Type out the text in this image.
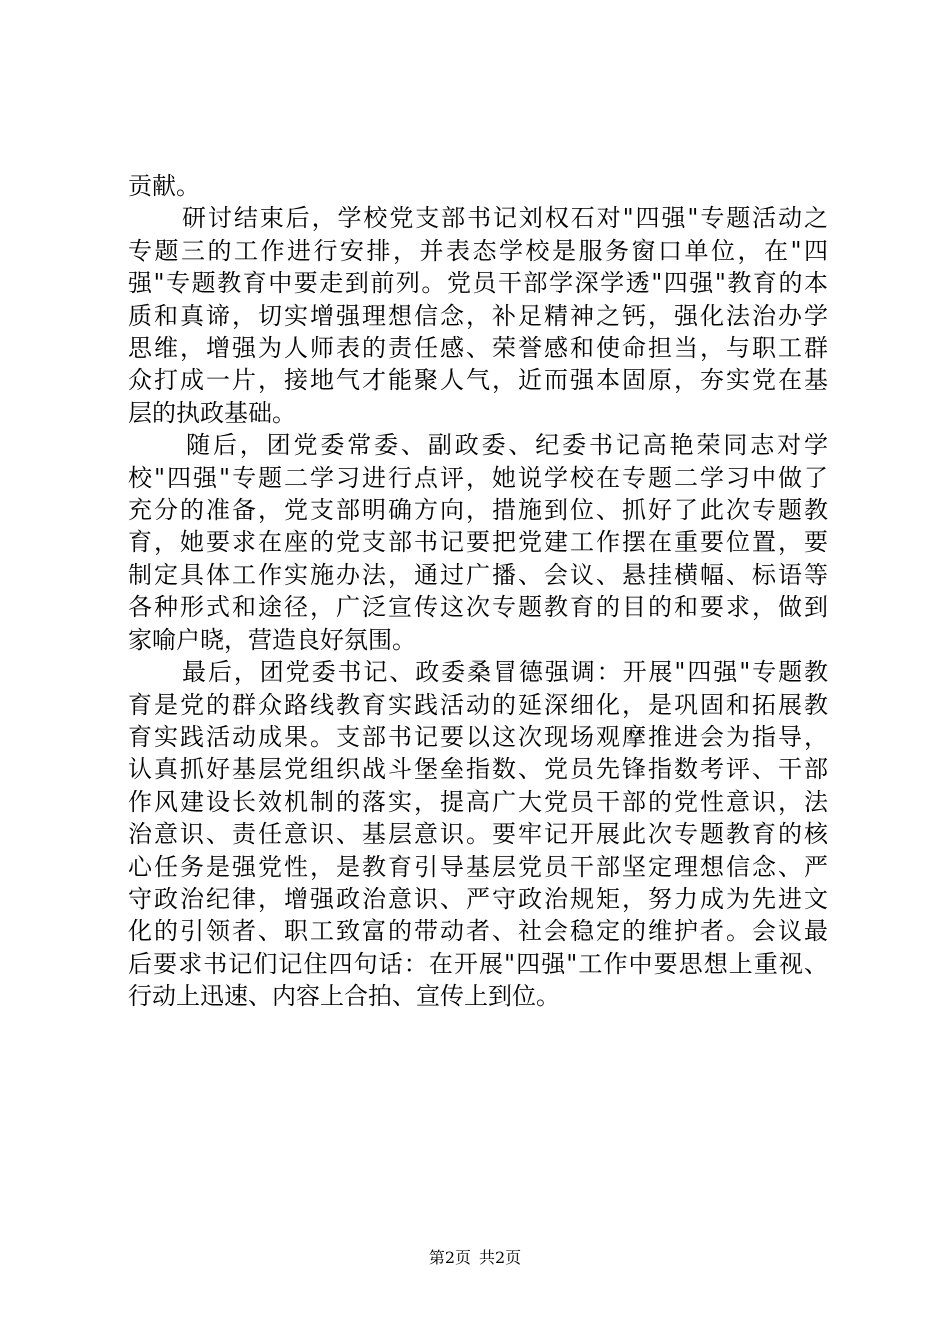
贡献。
研讨结束后，学校党支部书记刘权石对"四强"专题活动之
专题三的工作进行安排，并表态学校是服务窗口单位，在"四
强"专题教育中要走到前列。党员干部学深学透"四强"教育的本
质和真谛，切实增强理想信念，补足精神之钙，强化法治办学
思维，增强为人师表的责任感、荣誉感和使命担当，与职工群
众打成一片，接地气才能聚人气，近而强本固原，夯实党在基
层的执政基础。
随后，团党委常委、副政委、纪委书记高艳荣同志对学
校"四强"专题二学习进行点评，她说学校在专题二学习中做了
充分的准备，党支部明确方向，措施到位、抓好了此次专题教
育，她要求在座的党支部书记要把党建工作摆在重要位置，要
制定具体工作实施办法，通过广播、会议、悬挂横幅、标语等
各种形式和途径，广泛宣传这次专题教育的目的和要求，做到
家喻户晓，营造良好氛围。
最后，团党委书记、政委桑冒德强调：开展"四强"专题教
育是党的群众路线教育实践活动的延深细化，是巩固和拓展教
育实践活动成果。支部书记要以这次现场观摩推进会为指导，
认真抓好基层党组织战斗堡垒指数、党员先锋指数考评、干部
作风建设长效机制的落实，提高广大党员干部的党性意识，法
治意识、责任意识、基层意识。要牢记开展此次专题教育的核
心任务是强党性，是教育引导基层党员干部坚定理想信念、严
守政治纪律，增强政治意识、严守政治规矩，努力成为先进文
化的引领者、职工致富的带动者、社会稳定的维护者。会议最
后要求书记们记住四句话：在开展"四强"工作中要思想上重视、
行动上迅速、内容上合拍、宣传上到位。
第2页 共2页
